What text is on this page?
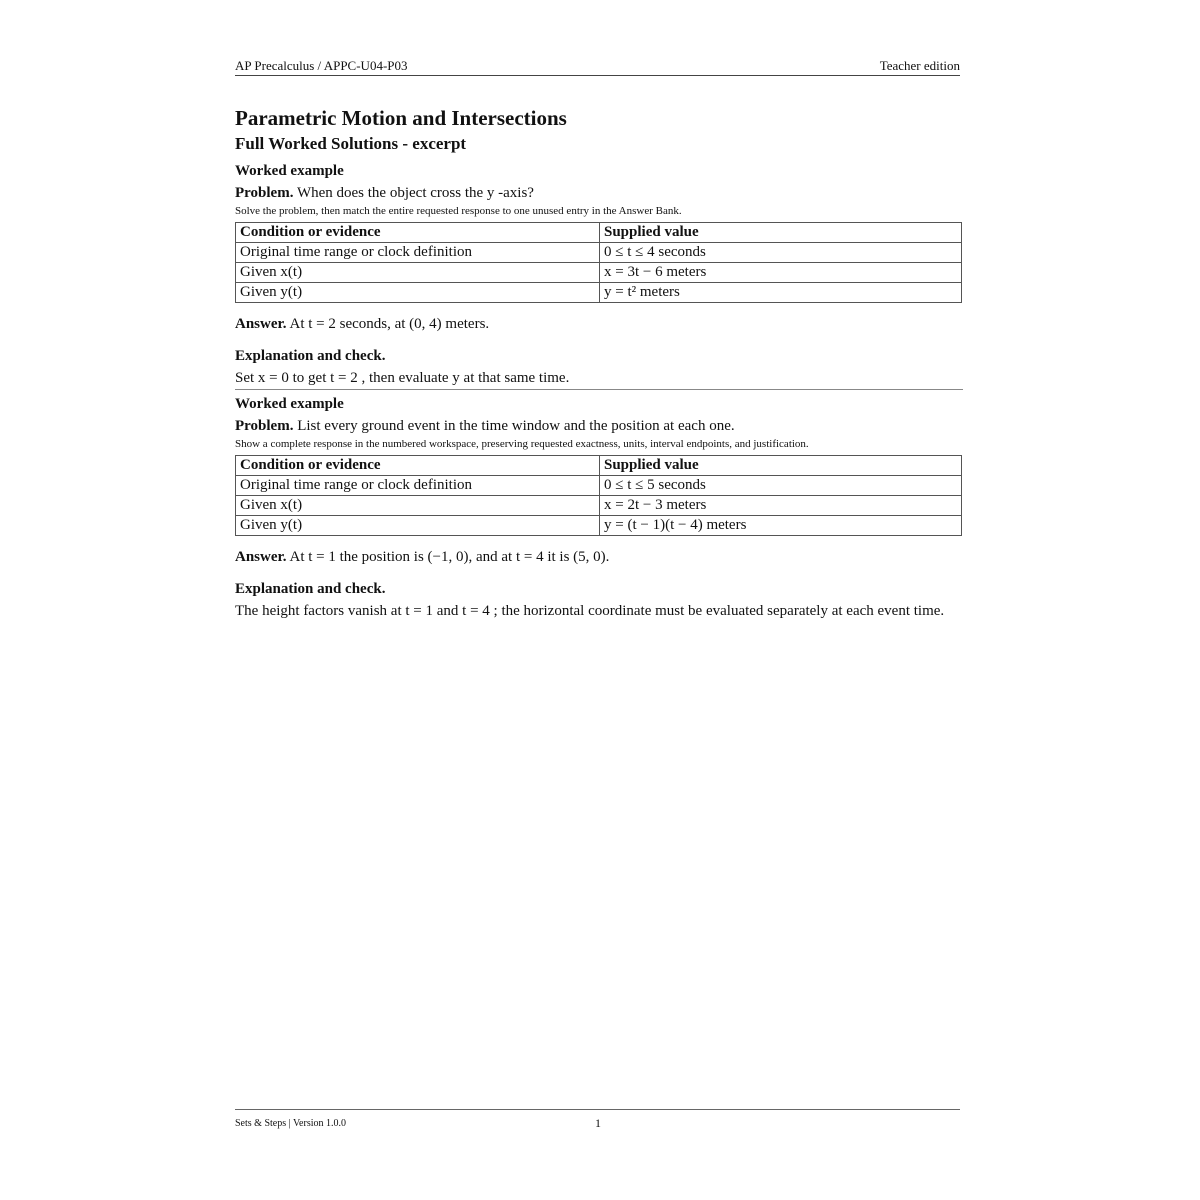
AP Precalculus / APPC-U04-P03	Teacher edition
Parametric Motion and Intersections
Full Worked Solutions - excerpt

Worked example

Problem. When does the object cross the y -axis?

Solve the problem, then match the entire requested response to one unused entry in the Answer Bank.

Condition or evidence	Supplied value
Original time range or clock definition	0 ≤ t ≤ 4 seconds
Given x(t)	x = 3t − 6 meters
Given y(t)	y = t² meters

Answer. At t = 2 seconds, at (0, 4) meters.

Explanation and check.

Set x = 0 to get t = 2 , then evaluate y at that same time.

Worked example

Problem. List every ground event in the time window and the position at each one.

Show a complete response in the numbered workspace, preserving requested exactness, units, interval endpoints, and justification.

Condition or evidence	Supplied value
Original time range or clock definition	0 ≤ t ≤ 5 seconds
Given x(t)	x = 2t − 3 meters
Given y(t)	y = (t − 1)(t − 4) meters

Answer. At t = 1 the position is (−1, 0), and at t = 4 it is (5, 0).

Explanation and check.

The height factors vanish at t = 1 and t = 4 ; the horizontal coordinate must be evaluated separately at each event time.

Sets & Steps | Version 1.0.0	1
